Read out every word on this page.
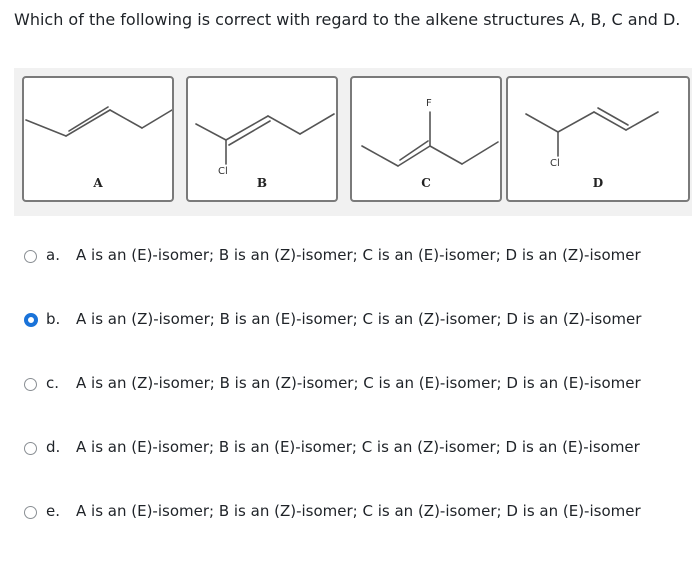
Which of the following is correct with regard to the alkene structures A, B, C and D.

A
Cl
B
F
C
Cl
D
a. A is an (E)-isomer; B is an (Z)-isomer; C is an (E)-isomer; D is an (Z)-isomer
b. A is an (Z)-isomer; B is an (E)-isomer; C is an (Z)-isomer; D is an (Z)-isomer
c. A is an (Z)-isomer; B is an (Z)-isomer; C is an (E)-isomer; D is an (E)-isomer
d. A is an (E)-isomer; B is an (E)-isomer; C is an (Z)-isomer; D is an (E)-isomer
e. A is an (E)-isomer; B is an (Z)-isomer; C is an (Z)-isomer; D is an (E)-isomer
